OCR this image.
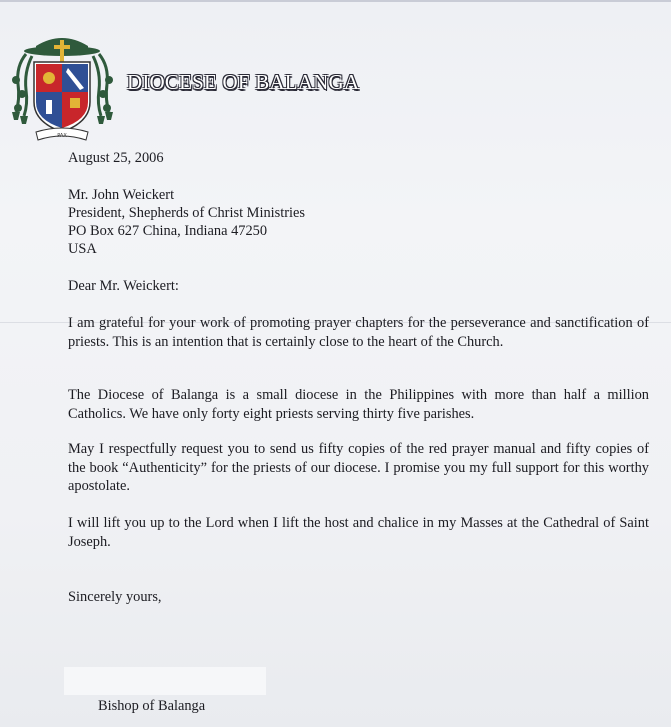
PAX
DIOCESE OF BALANGA

August 25, 2006

Mr. John Weickert

President, Shepherds of Christ Ministries

PO Box 627 China, Indiana 47250

USA

Dear Mr. Weickert:

I am grateful for your work of promoting prayer chapters for the perseverance and sanctification of priests. This is an intention that is certainly close to the heart of the Church.

The Diocese of Balanga is a small diocese in the Philippines with more than half a million Catholics. We have only forty eight priests serving thirty five parishes.

May I respectfully request you to send us fifty copies of the red prayer manual and fifty copies of the book “Authenticity” for the priests of our diocese. I promise you my full support for this worthy apostolate.

I will lift you up to the Lord when I lift the host and chalice in my Masses at the Cathedral of Saint Joseph.

Sincerely yours,

Bishop of Balanga
